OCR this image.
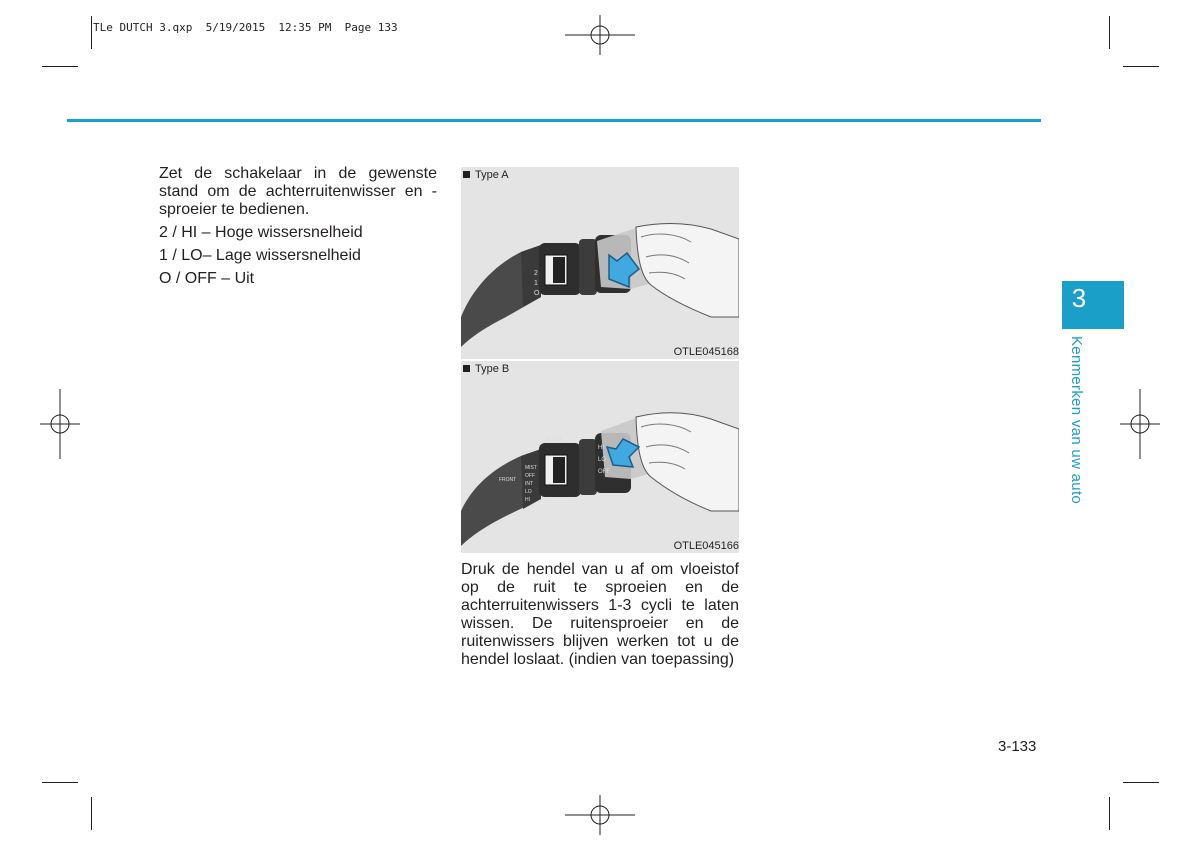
TLe DUTCH 3.qxp  5/19/2015  12:35 PM  Page 133

Zet de schakelaar in de gewenste stand om de achterruitenwisser en -sproeier te bedienen.

2 / HI – Hoge wissersnelheid

1 / LO– Lage wissersnelheid

O / OFF – Uit	2
1
O
Type A
OTLE045168
AUTO
HI
LO
OFF
MIST
OFF
INT
LO
HI
FRONT
Type B
OTLE045166
Druk de hendel van u af om vloeistof op de ruit te sproeien en de achterruitenwissers 1-3 cycli te laten wissen. De ruitensproeier en de ruitenwissers blijven werken tot u de hendel loslaat. (indien van toepassing)
3
Kenmerken van uw auto
3-133
